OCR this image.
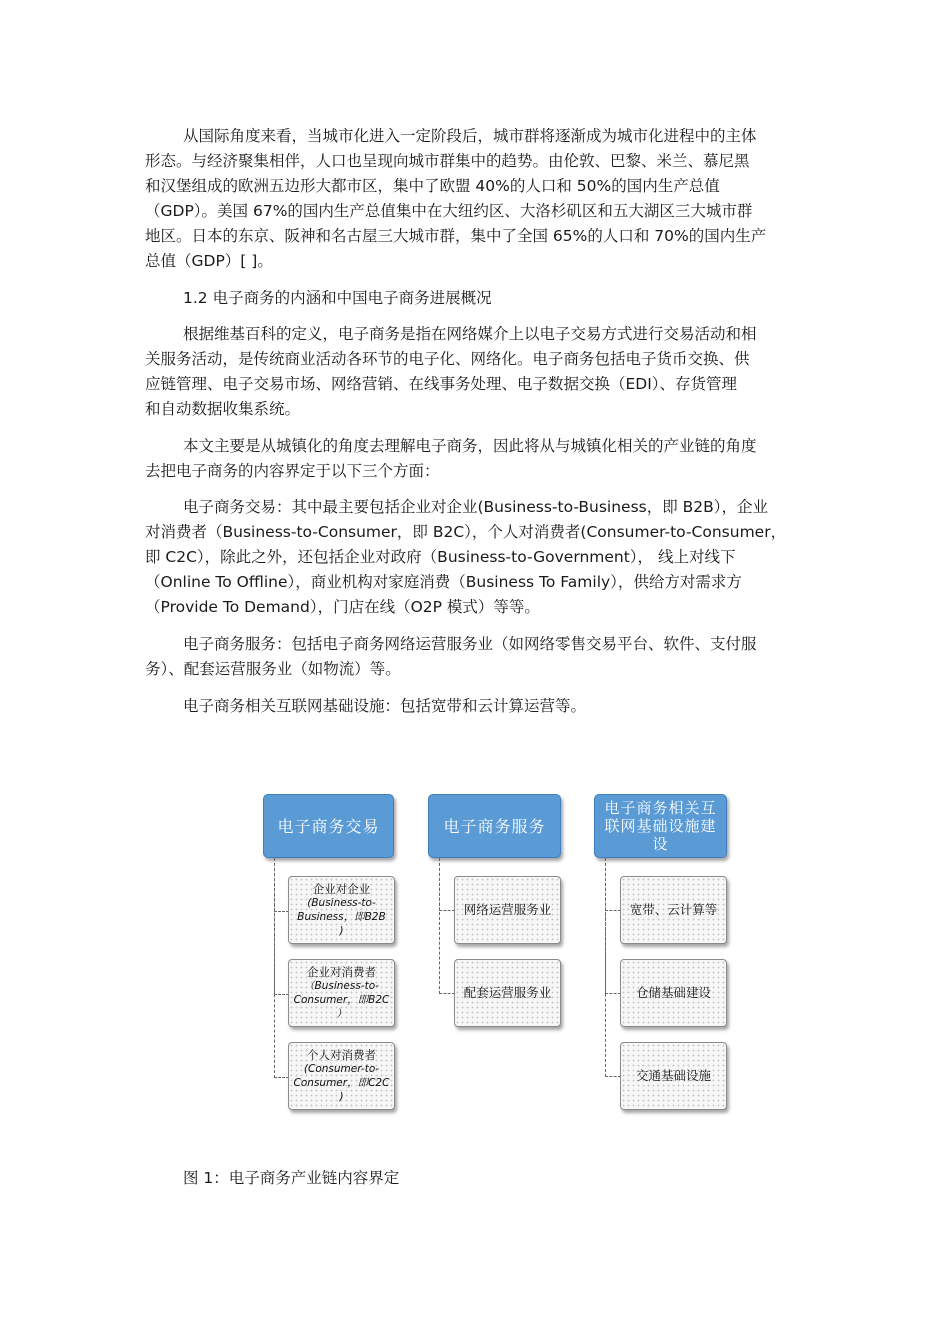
从国际角度来看，当城市化进入一定阶段后，城市群将逐渐成为城市化进程中的主体
形态。与经济聚集相伴，人口也呈现向城市群集中的趋势。由伦敦、巴黎、米兰、慕尼黑
和汉堡组成的欧洲五边形大都市区，集中了欧盟 40%的人口和 50%的国内生产总值
（GDP）。美国 67%的国内生产总值集中在大纽约区、大洛杉矶区和五大湖区三大城市群
地区。日本的东京、阪神和名古屋三大城市群，集中了全国 65%的人口和 70%的国内生产
总值（GDP）[ ]。
1.2 电子商务的内涵和中国电子商务进展概况
根据维基百科的定义，电子商务是指在网络媒介上以电子交易方式进行交易活动和相
关服务活动，是传统商业活动各环节的电子化、网络化。电子商务包括电子货币交换、供
应链管理、电子交易市场、网络营销、在线事务处理、电子数据交换（EDI）、存货管理
和自动数据收集系统。
本文主要是从城镇化的角度去理解电子商务，因此将从与城镇化相关的产业链的角度
去把电子商务的内容界定于以下三个方面：
电子商务交易：其中最主要包括企业对企业(Business-to-Business，即 B2B），企业
对消费者（Business-to-Consumer，即 B2C），个人对消费者(Consumer-to-Consumer，
即 C2C），除此之外，还包括企业对政府（Business-to-Government）， 线上对线下
（Online To Offline），商业机构对家庭消费（Business To Family），供给方对需求方
（Provide To Demand），门店在线（O2P 模式）等等。
电子商务服务：包括电子商务网络运营服务业（如网络零售交易平台、软件、支付服
务）、配套运营服务业（如物流）等。
电子商务相关互联网基础设施：包括宽带和云计算运营等。
电子商务交易
企业对企业
(Business-to-
Business，即B2B
)
企业对消费者
（Business-to-
Consumer，即B2C
）
个人对消费者
(Consumer-to-
Consumer，即C2C
)
电子商务服务
网络运营服务业
配套运营服务业
电子商务相关互联网基础设施建设
宽带、云计算等
仓储基础建设
交通基础设施
图 1：电子商务产业链内容界定
